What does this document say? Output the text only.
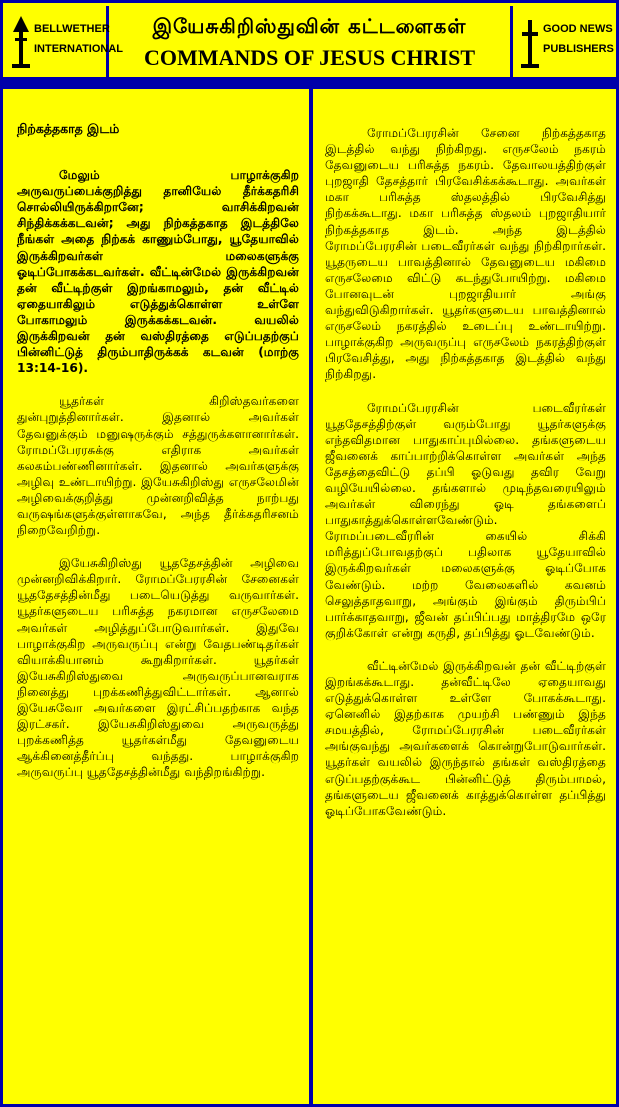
BELLWETHER
INTERNATIONAL
இயேசுகிறிஸ்துவின் கட்டளைகள்
COMMANDS OF JESUS CHRIST
GOOD NEWS
PUBLISHERS

நிற்கத்தகாத இடம்

மேலும் பாழாக்குகிற அருவருப்பைக்குறித்து தானியேல் தீர்க்கதரிசி சொல்லியிருக்கிறானே; வாசிக்கிறவன் சிந்திக்கக்கடவன்; அது நிற்கத்தகாத இடத்திலே நீங்கள் அதை நிற்கக் காணும்போது, யூதேயாவில் இருக்கிறவர்கள் மலைகளுக்கு ஓடிப்போகக்கடவர்கள். வீட்டின்மேல் இருக்கிறவன் தன் வீட்டிற்குள் இறங்காமலும், தன் வீட்டில் ஏதையாகிலும் எடுத்துக்கொள்ள உள்ளே போகாமலும் இருக்கக்கடவன். வயலில் இருக்கிறவன் தன் வஸ்திரத்தை எடுப்பதற்குப் பின்னிட்டுத் திரும்பாதிருக்கக் கடவன் (மாற்கு 13:14-16).

யூதர்கள் கிறிஸ்தவர்களை துன்புறுத்தினார்கள். இதனால் அவர்கள் தேவனுக்கும் மனுஷருக்கும் சத்துருக்களானார்கள். ரோமப்பேரரசுக்கு எதிராக அவர்கள் கலகம்பண்ணினார்கள். இதனால் அவர்களுக்கு அழிவு உண்டாயிற்று. இயேசுகிறிஸ்து எருசலேமின் அழிவைக்குறித்து முன்னறிவித்த நாற்பது வருஷங்களுக்குள்ளாகவே, அந்த தீர்க்கதரிசனம் நிறைவேறிற்று.

இயேசுகிறிஸ்து யூததேசத்தின் அழிவை முன்னறிவிக்கிறார். ரோமப்பேரரசின் சேனைகள் யூததேசத்தின்மீது படையெடுத்து வருவார்கள். யூதர்களுடைய பரிசுத்த நகரமான எருசலேமை அவர்கள் அழித்துப்போடுவார்கள். இதுவே பாழாக்குகிற அருவருப்பு என்று வேதபண்டிதர்கள் வியாக்கியானம் கூறுகிறார்கள். யூதர்கள் இயேசுகிறிஸ்துவை அருவருப்பானவராக நினைத்து புறக்கணித்துவிட்டார்கள். ஆனால் இயேசுவோ அவர்களை இரட்சிப்பதற்காக வந்த இரட்சகர். இயேசுகிறிஸ்துவை அருவருத்து புறக்கணித்த யூதர்கள்மீது தேவனுடைய ஆக்கினைத்தீர்ப்பு வந்தது. பாழாக்குகிற அருவருப்பு யூததேசத்தின்மீது வந்திறங்கிற்று.

ரோமப்பேரரசின் சேனை நிற்கத்தகாத இடத்தில் வந்து நிற்கிறது. எருசலேம் நகரம் தேவனுடைய பரிசுத்த நகரம். தேவாலயத்திற்குள் புறஜாதி தேசத்தார் பிரவேசிக்கக்கூடாது. அவர்கள் மகா பரிசுத்த ஸ்தலத்தில் பிரவேசித்து நிற்கக்கூடாது. மகா பரிசுத்த ஸ்தலம் புறஜாதியார் நிற்கத்தகாத இடம். அந்த இடத்தில் ரோமப்பேரரசின் படைவீரர்கள் வந்து நிற்கிறார்கள். யூதருடைய பாவத்தினால் தேவனுடைய மகிமை எருசலேமை விட்டு கடந்துபோயிற்று. மகிமை போனவுடன் புறஜாதியார் அங்கு வந்துவிடுகிறார்கள். யூதர்களுடைய பாவத்தினால் எருசலேம் நகரத்தில் உடைப்பு உண்டாயிற்று. பாழாக்குகிற அருவருப்பு எருசலேம் நகரத்திற்குள் பிரவேசித்து, அது நிற்கத்தகாத இடத்தில் வந்து நிற்கிறது.

ரோமப்பேரரசின் படைவீரர்கள் யூததேசத்திற்குள் வரும்போது யூதர்களுக்கு எந்தவிதமான பாதுகாப்புமில்லை. தங்களுடைய ஜீவனைக் காப்பாற்றிக்கொள்ள அவர்கள் அந்த தேசத்தைவிட்டு தப்பி ஓடுவது தவிர வேறு வழியேயில்லை. தங்களால் முடிந்தவரையிலும் அவர்கள் விரைந்து ஓடி தங்களைப் பாதுகாத்துக்கொள்ளவேண்டும். ரோமப்படைவீரரின் கையில் சிக்கி மரித்துப்போவதற்குப் பதிலாக யூதேயாவில் இருக்கிறவர்கள் மலைகளுக்கு ஓடிப்போக வேண்டும். மற்ற வேலைகளில் கவனம் செலுத்தாதவாறு, அங்கும் இங்கும் திரும்பிப் பார்க்காதவாறு, ஜீவன் தப்பிப்பது மாத்திரமே ஒரே குறிக்கோள் என்று கருதி, தப்பித்து ஓடவேண்டும்.

வீட்டின்மேல் இருக்கிறவன் தன் வீட்டிற்குள் இறங்கக்கூடாது. தன்வீட்டிலே ஏதையாவது எடுத்துக்கொள்ள உள்ளே போகக்கூடாது. ஏனெனில் இதற்காக முயற்சி பண்ணும் இந்த சமயத்தில், ரோமப்பேரரசின் படைவீரர்கள் அங்குவந்து அவர்களைக் கொன்றுபோடுவார்கள். யூதர்கள் வயலில் இருந்தால் தங்கள் வஸ்திரத்தை எடுப்பதற்குக்கூட பின்னிட்டுத் திரும்பாமல், தங்களுடைய ஜீவனைக் காத்துக்கொள்ள தப்பித்து ஓடிப்போகவேண்டும்.
